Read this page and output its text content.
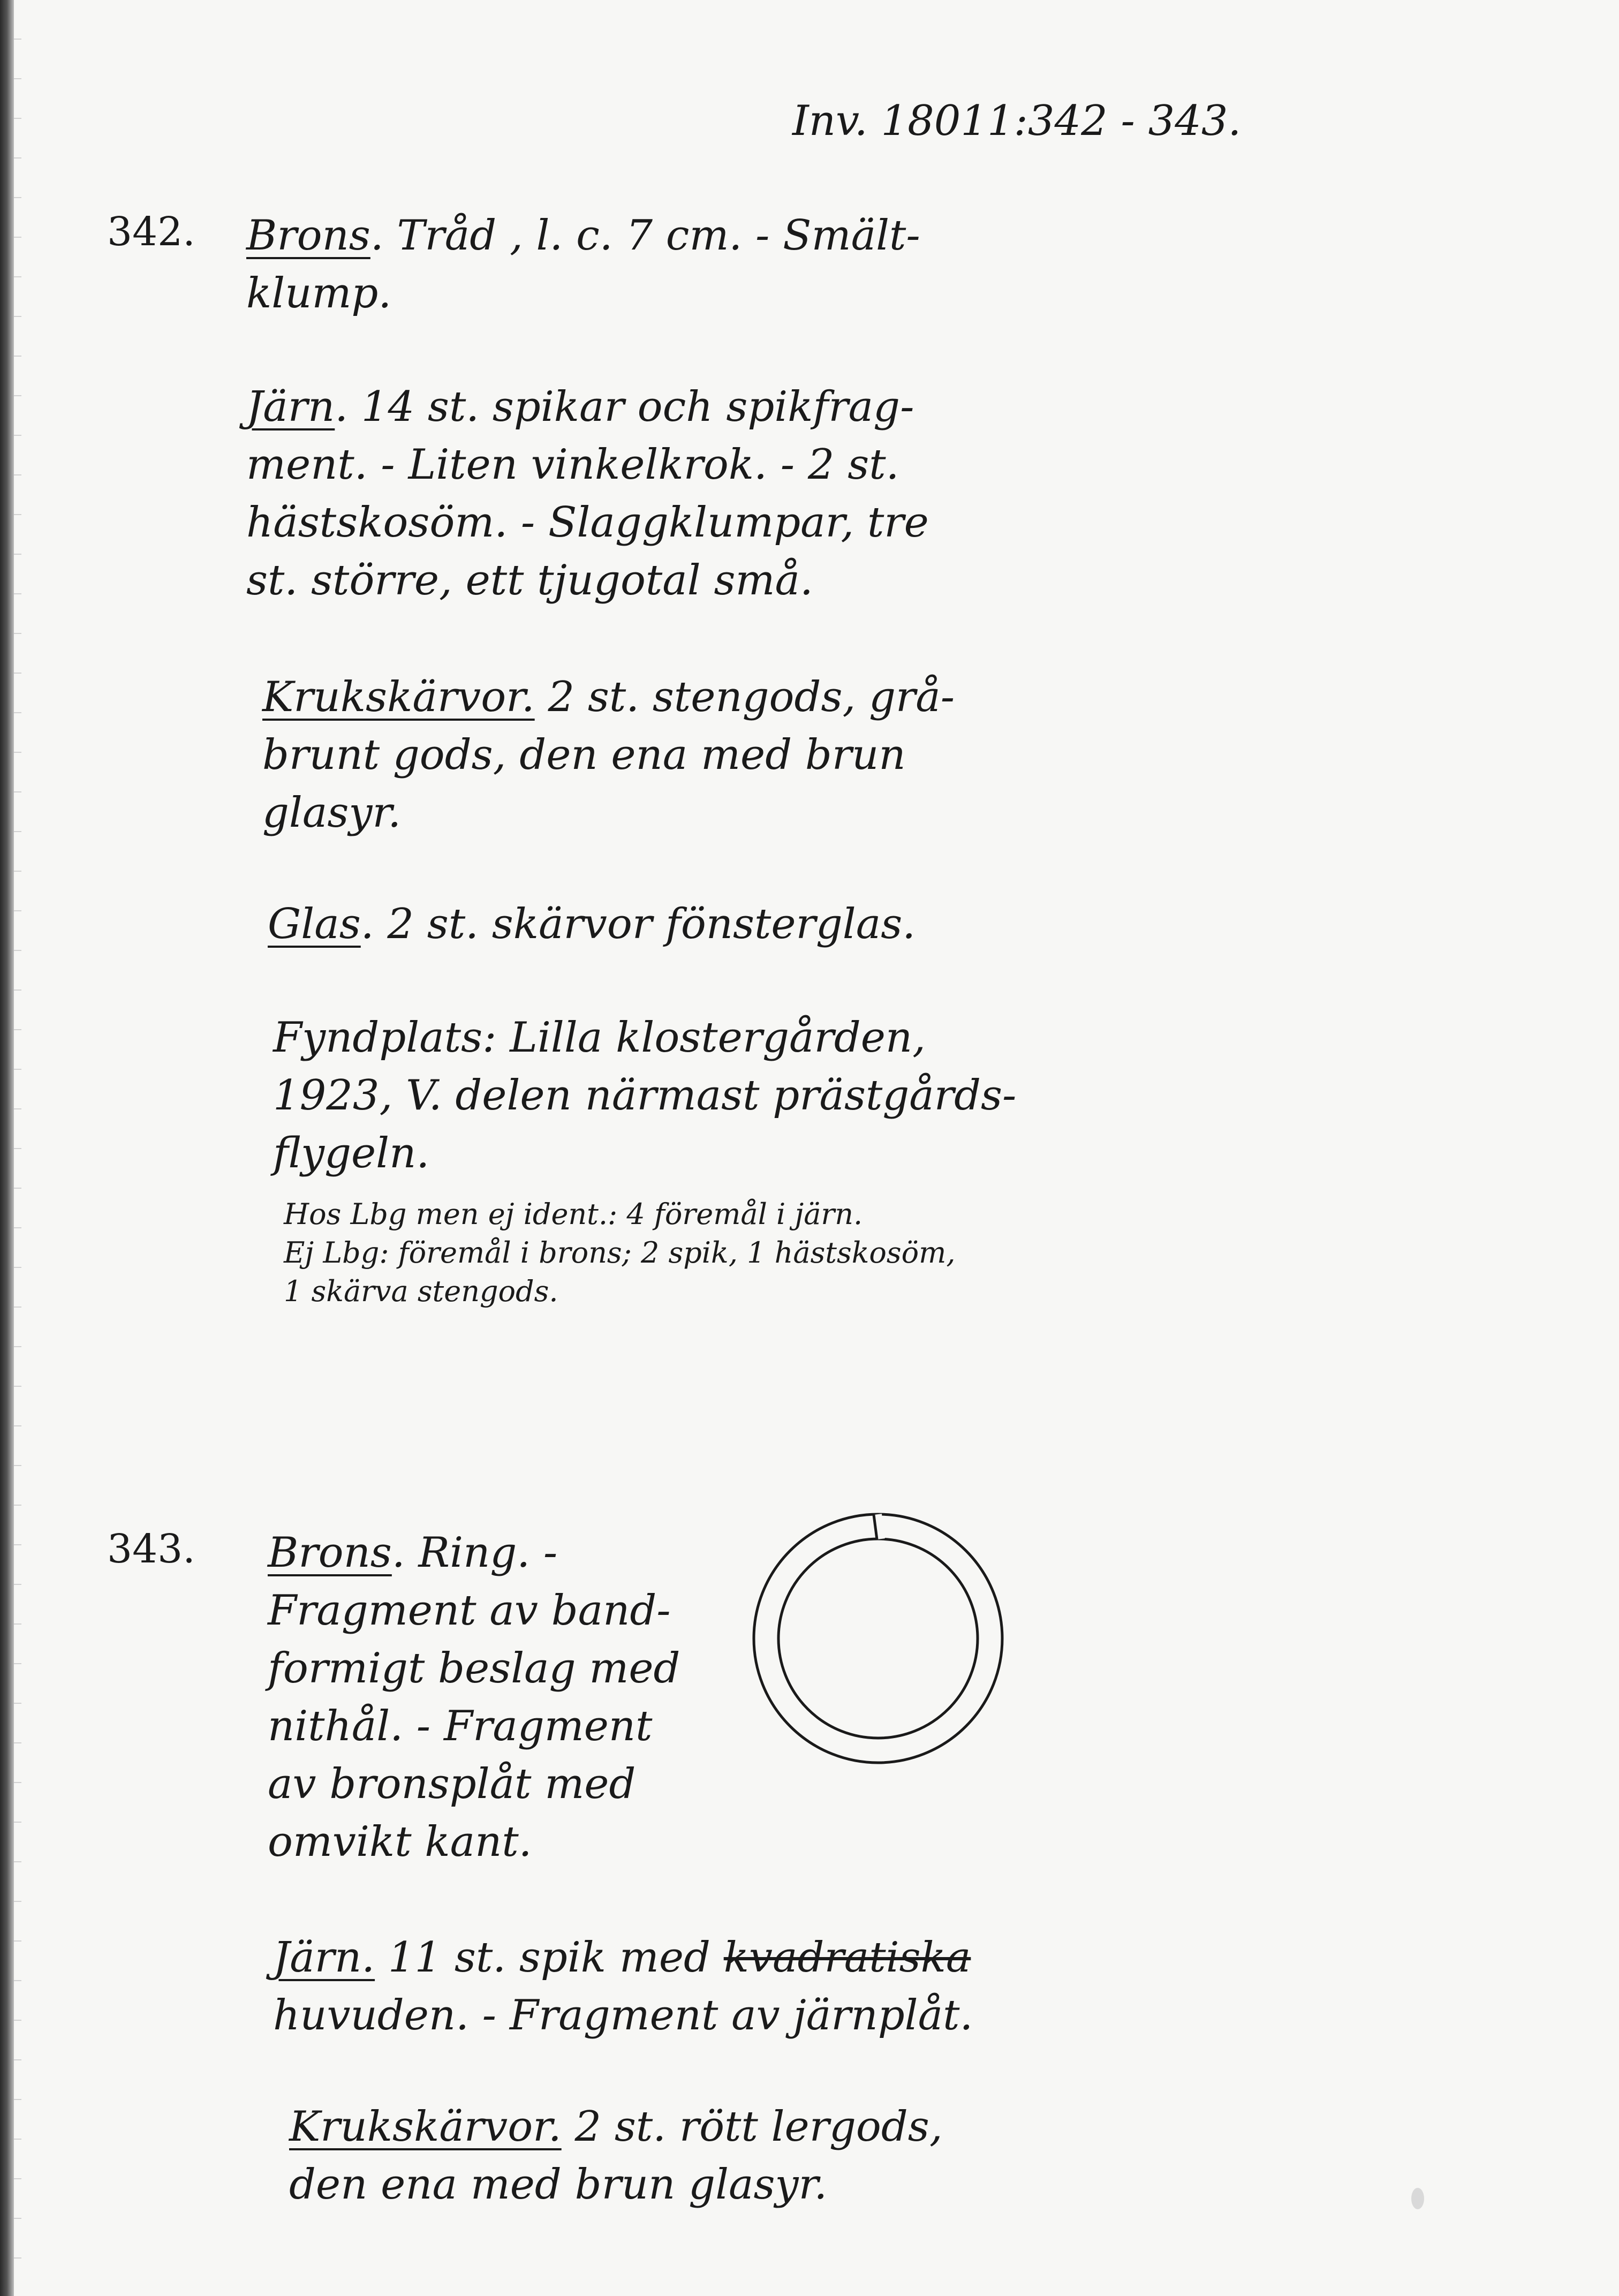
Inv. 18011:342 - 343.
342. Brons. Tråd , l. c. 7 cm. - Smält-
klump.
Järn. 14 st. spikar och spikfrag-
ment. - Liten vinkelkrok. - 2 st.
hästskosöm. - Slaggklumpar, tre
st. större, ett tjugotal små.
Krukskärvor. 2 st. stengods, grå-
brunt gods, den ena med brun
glasyr.
Glas. 2 st. skärvor fönsterglas.
Fyndplats: Lilla klostergården,
1923, V. delen närmast prästgårds-
flygeln.
Hos Lbg men ej ident.: 4 föremål i järn.
Ej Lbg: föremål i brons; 2 spik, 1 hästskosöm,
1 skärva stengods.
343. Brons. Ring. -
Fragment av band-
formigt beslag med
nithål. - Fragment
av bronsplåt med
omvikt kant.
Järn. 11 st. spik med kvadratiska
huvuden. - Fragment av järnplåt.
Krukskärvor. 2 st. rött lergods,
den ena med brun glasyr.
